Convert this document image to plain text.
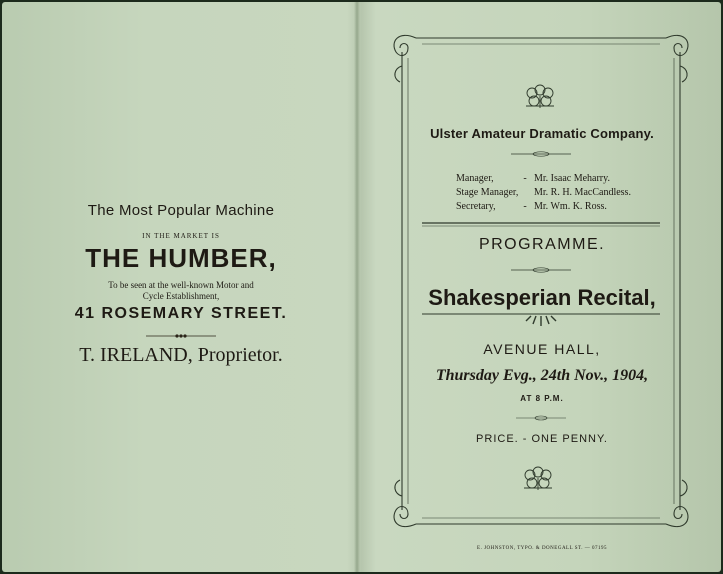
The Most Popular Machine
IN THE MARKET IS
THE HUMBER,
To be seen at the well-known Motor and
Cycle Establishment,
41 ROSEMARY STREET.
T. IRELAND, Proprietor.
Ulster Amateur Dramatic Company.
Manager,	- Mr. Isaac Meharry.
Stage Manager,	Mr. R. H. MacCandless.
Secretary,	- Mr. Wm. K. Ross.
PROGRAMME.
Shakesperian Recital,
AVENUE HALL,
Thursday Evg., 24th Nov., 1904,
AT 8 P.M.
PRICE. - ONE PENNY.
E. JOHNSTON, TYPO. & DONEGALL ST. — 07195
